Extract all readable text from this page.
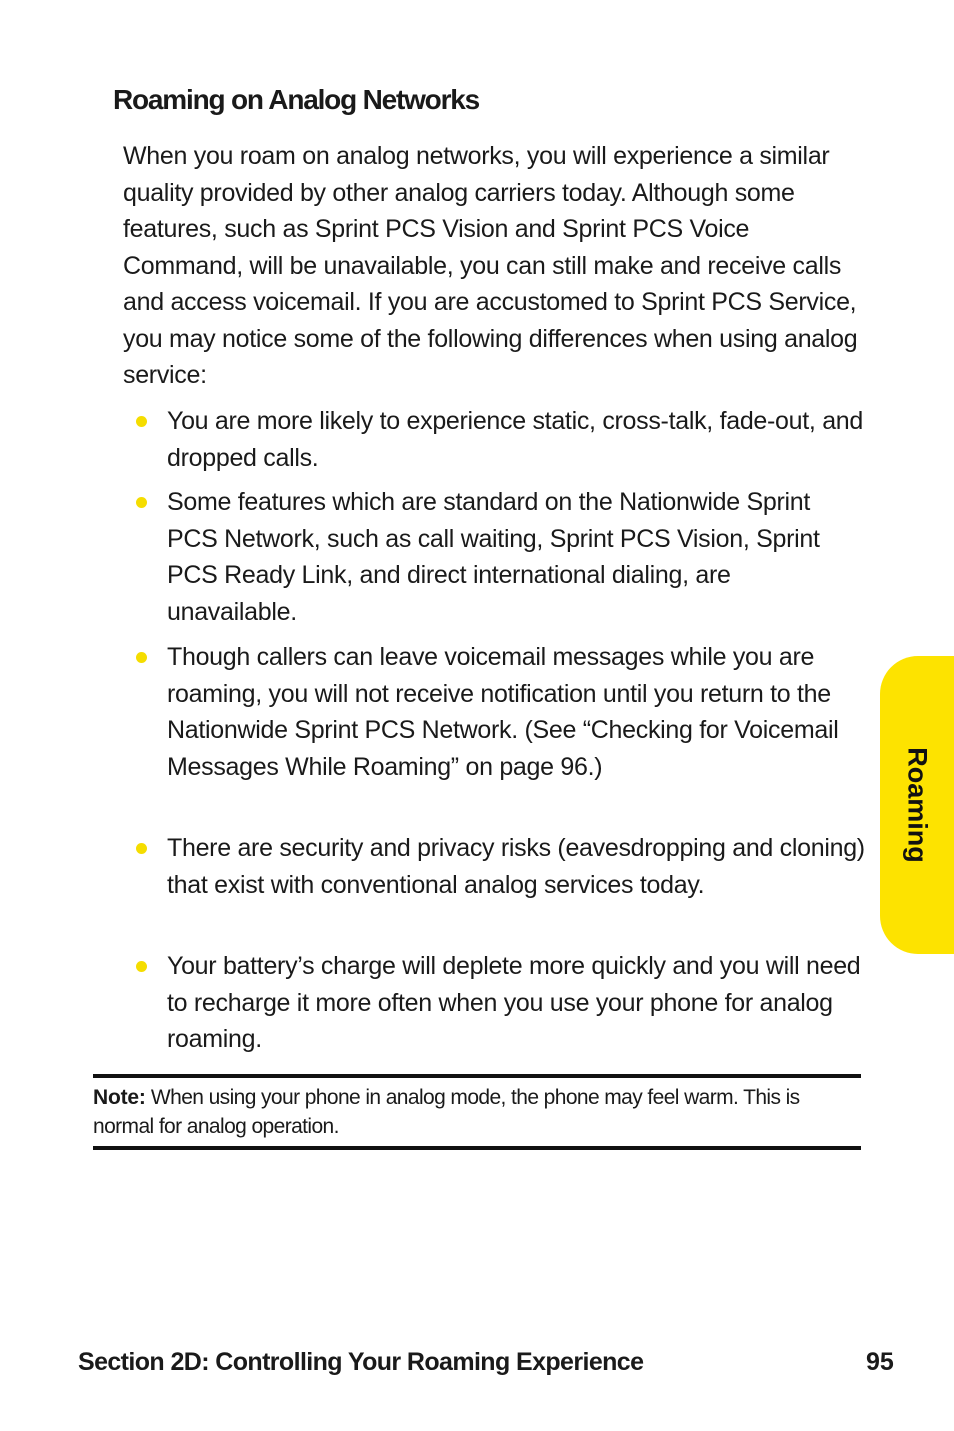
Roaming on Analog Networks

When you roam on analog networks, you will experience a similar quality provided by other analog carriers today. Although some features, such as Sprint PCS Vision and Sprint PCS Voice Command, will be unavailable, you can still make and receive calls and access voicemail. If you are accustomed to Sprint PCS Service, you may notice some of the following differences when using analog service:

You are more likely to experience static, cross-talk, fade-out, and dropped calls.
Some features which are standard on the Nationwide Sprint PCS Network, such as call waiting, Sprint PCS Vision, Sprint PCS Ready Link, and direct international dialing, are unavailable.
Though callers can leave voicemail messages while you are roaming, you will not receive notification until you return to the Nationwide Sprint PCS Network. (See “Checking for Voicemail Messages While Roaming” on page 96.)
There are security and privacy risks (eavesdropping and cloning) that exist with conventional analog services today.
Your battery’s charge will deplete more quickly and you will need to recharge it more often when you use your phone for analog roaming.
Note: When using your phone in analog mode, the phone may feel warm. This is normal for analog operation.
Roaming
Section 2D: Controlling Your Roaming Experience	95
